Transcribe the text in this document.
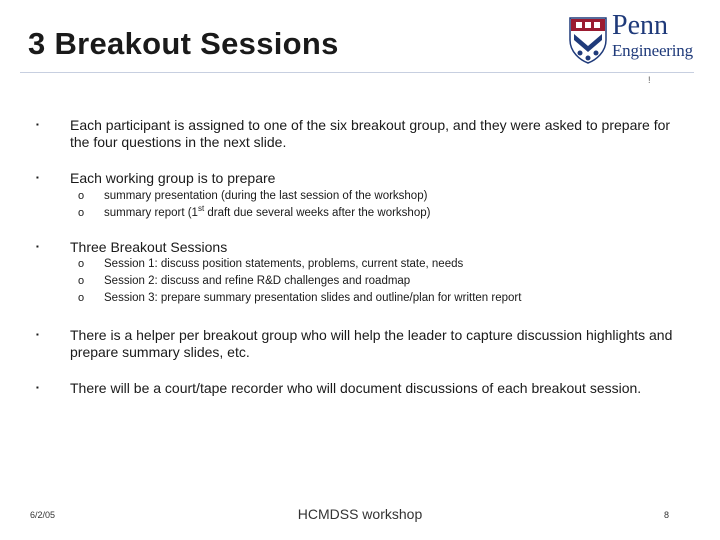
3 Breakout Sessions
Penn
Engineering
!
▪ Each participant is assigned to one of the six breakout group, and they were asked to prepare for the four questions in the next slide.
▪ Each working group is to prepare
o summary presentation (during the last session of the workshop)
o summary report (1st draft due several weeks after the workshop)
▪ Three Breakout Sessions
o Session 1: discuss position statements, problems, current state, needs
o Session 2: discuss and refine R&D challenges and roadmap
o Session 3: prepare summary presentation slides and outline/plan for written report
▪ There is a helper per breakout group who will help the leader to capture discussion highlights and prepare summary slides, etc.
▪ There will be a court/tape recorder who will document discussions of each breakout session.
6/2/05	HCMDSS workshop	8
